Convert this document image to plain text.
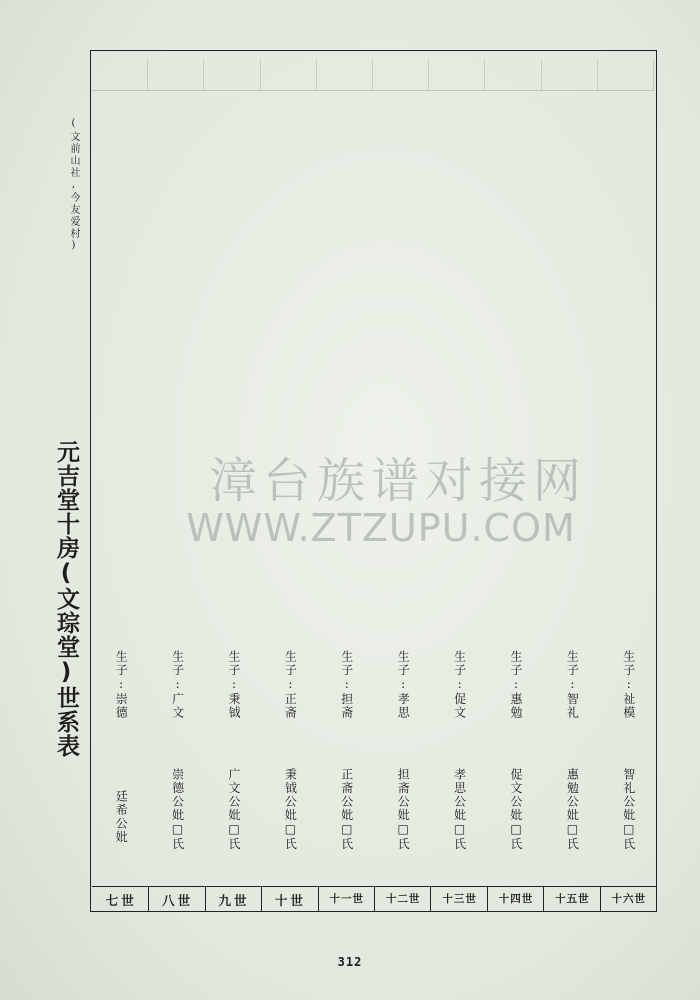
元吉堂十房(文琮堂)世系表
(文前山社,今友爱村)
七世
廷希公妣
生子:崇德
八世
崇德公妣□氏
生子:广文
九世
广文公妣□氏
生子:秉钺
十世
秉钺公妣□氏
生子:正斋
十一世
正斋公妣□氏
生子:担斋
十二世
担斋公妣□氏
生子:孝思
十三世
孝思公妣□氏
生子:促文
十四世
促文公妣□氏
生子:惠勉
十五世
惠勉公妣□氏
生子:智礼
十六世
智礼公妣□氏
生子:祉模
漳台族谱对接网
WWW.ZTZUPU.COM
312
